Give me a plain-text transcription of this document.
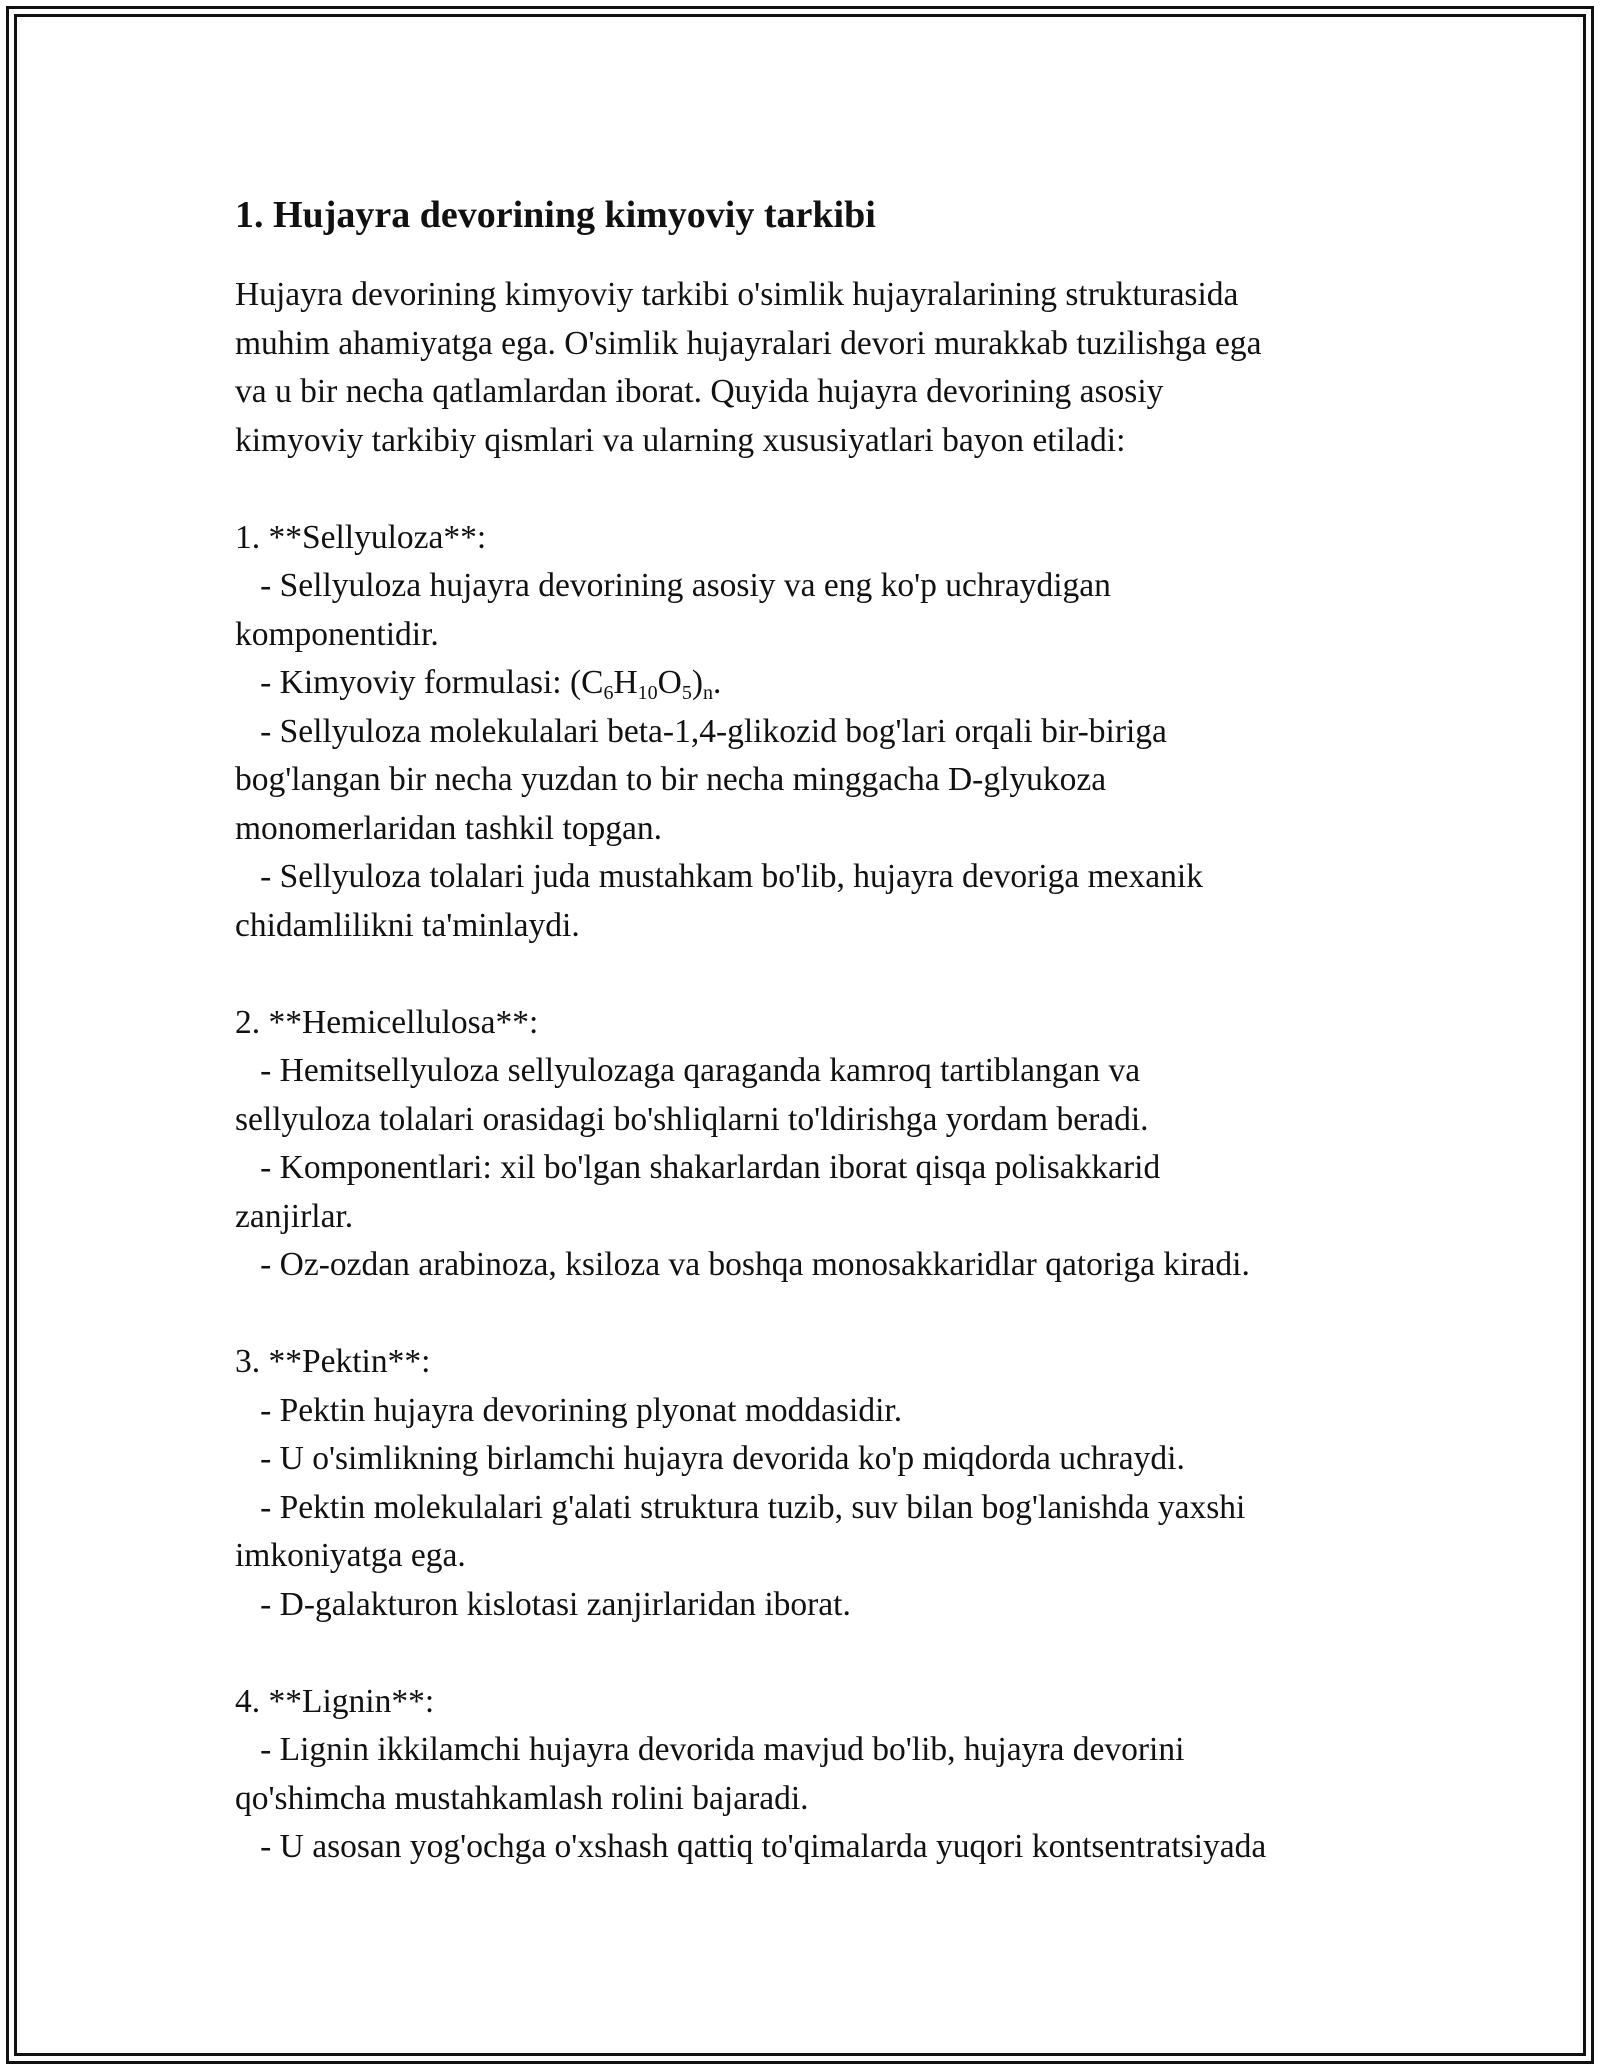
1. Hujayra devorining kimyoviy tarkibi
Hujayra devorining kimyoviy tarkibi o'simlik hujayralarining strukturasida
muhim ahamiyatga ega. O'simlik hujayralari devori murakkab tuzilishga ega
va u bir necha qatlamlardan iborat. Quyida hujayra devorining asosiy
kimyoviy tarkibiy qismlari va ularning xususiyatlari bayon etiladi:
1. **Sellyuloza**:
- Sellyuloza hujayra devorining asosiy va eng ko'p uchraydigan
komponentidir.
- Kimyoviy formulasi: $(C_6H_{10}O_5)_n$.
- Sellyuloza molekulalari beta-1,4-glikozid bog'lari orqali bir-biriga
bog'langan bir necha yuzdan to bir necha minggacha D-glyukoza
monomerlaridan tashkil topgan.
- Sellyuloza tolalari juda mustahkam bo'lib, hujayra devoriga mexanik
chidamlilikni ta'minlaydi.
2. **Hemicellulosa**:
- Hemitsellyuloza sellyulozaga qaraganda kamroq tartiblangan va
sellyuloza tolalari orasidagi bo'shliqlarni to'ldirishga yordam beradi.
- Komponentlari: xil bo'lgan shakarlardan iborat qisqa polisakkarid
zanjirlar.
- Oz-ozdan arabinoza, ksiloza va boshqa monosakkaridlar qatoriga kiradi.
3. **Pektin**:
- Pektin hujayra devorining plyonat moddasidir.
- U o'simlikning birlamchi hujayra devorida ko'p miqdorda uchraydi.
- Pektin molekulalari g'alati struktura tuzib, suv bilan bog'lanishda yaxshi
imkoniyatga ega.
- D-galakturon kislotasi zanjirlaridan iborat.
4. **Lignin**:
- Lignin ikkilamchi hujayra devorida mavjud bo'lib, hujayra devorini
qo'shimcha mustahkamlash rolini bajaradi.
- U asosan yog'ochga o'xshash qattiq to'qimalarda yuqori kontsentratsiyada
